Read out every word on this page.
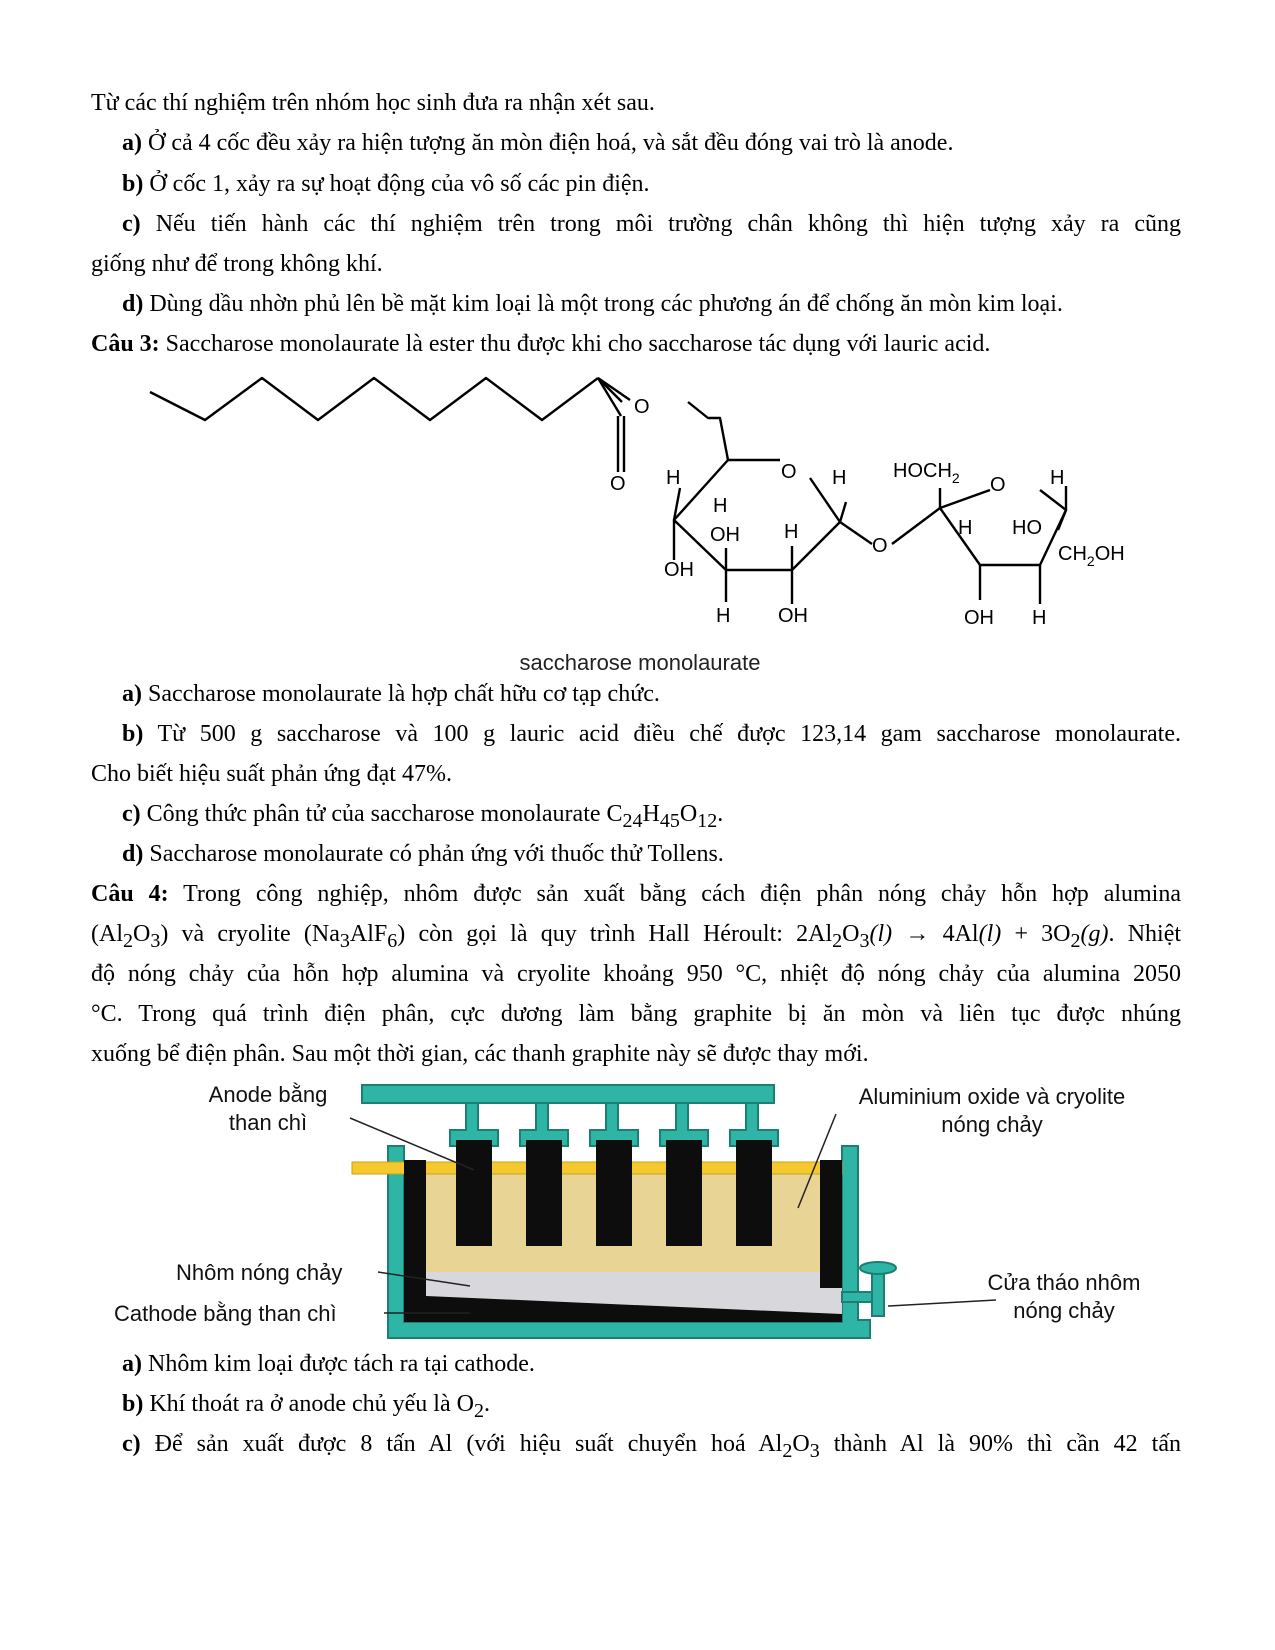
Từ các thí nghiệm trên nhóm học sinh đưa ra nhận xét sau.
a) Ở cả 4 cốc đều xảy ra hiện tượng ăn mòn điện hoá, và sắt đều đóng vai trò là anode.
b) Ở cốc 1, xảy ra sự hoạt động của vô số các pin điện.
c) Nếu tiến hành các thí nghiệm trên trong môi trường chân không thì hiện tượng xảy ra cũng
giống như để trong không khí.
d) Dùng dầu nhờn phủ lên bề mặt kim loại là một trong các phương án để chống ăn mòn kim loại.
Câu 3: Saccharose monolaurate là ester thu được khi cho saccharose tác dụng với lauric acid.
O
O H
H
OH
OH
O H
H
H OH
O
$HOCH_2$ O H
H HO
$CH_2OH$
OH H
saccharose monolaurate
a) Saccharose monolaurate là hợp chất hữu cơ tạp chức.
b) Từ 500 g saccharose và 100 g lauric acid điều chế được 123,14 gam saccharose monolaurate.
Cho biết hiệu suất phản ứng đạt 47%.
c) Công thức phân tử của saccharose monolaurate $C_{24}H_{45}O_{12}$.
d) Saccharose monolaurate có phản ứng với thuốc thử Tollens.
Câu 4: Trong công nghiệp, nhôm được sản xuất bằng cách điện phân nóng chảy hỗn hợp alumina
$(Al_2O_3)$ và cryolite $(Na_3AlF_6)$ còn gọi là quy trình Hall Héroult: $2Al_2O_3(l) \to 4Al(l) + 3O_2(g)$. Nhiệt
độ nóng chảy của hỗn hợp alumina và cryolite khoảng 950 °C, nhiệt độ nóng chảy của alumina 2050
°C. Trong quá trình điện phân, cực dương làm bằng graphite bị ăn mòn và liên tục được nhúng
xuống bể điện phân. Sau một thời gian, các thanh graphite này sẽ được thay mới.
Anode bằng
than chì
Aluminium oxide và cryolite
nóng chảy
Nhôm nóng chảy
Cathode bằng than chì
Cửa tháo nhôm
nóng chảy
a) Nhôm kim loại được tách ra tại cathode.
b) Khí thoát ra ở anode chủ yếu là $O_2$.
c) Để sản xuất được 8 tấn Al (với hiệu suất chuyển hoá $Al_2O_3$ thành Al là 90% thì cần 42 tấn
